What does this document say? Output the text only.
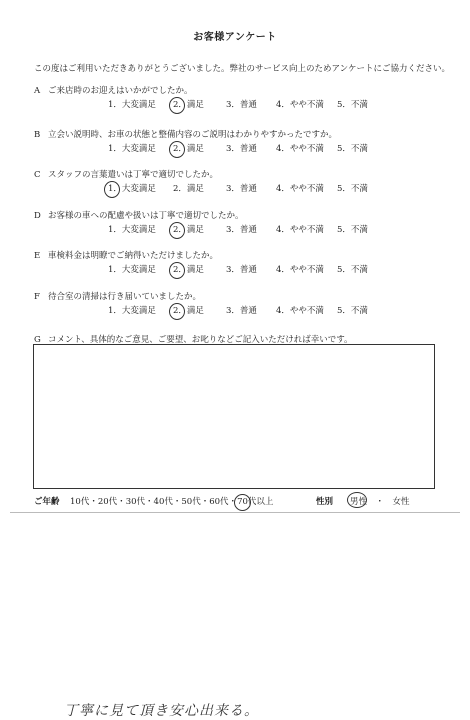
お客様アンケート
この度はご利用いただきありがとうございました。弊社のサービス向上のためアンケートにご協力ください。
A ご来店時のお迎えはいかがでしたか。
1．大変満足 2．満足	3．普通 4．やや不満 5．不満
B 立会い説明時、お車の状態と整備内容のご説明はわかりやすかったですか。
1．大変満足 2．満足	3．普通 4．やや不満 5．不満
C スタッフの言葉遣いは丁寧で適切でしたか。
1．大変満足 2．満足	3．普通 4．やや不満 5．不満
D お客様の車への配慮や扱いは丁寧で適切でしたか。
1．大変満足 2．満足	3．普通 4．やや不満 5．不満
E 車検料金は明瞭でご納得いただけましたか。
1．大変満足 2．満足	3．普通 4．やや不満 5．不満
F 待合室の清掃は行き届いていましたか。
1．大変満足 2．満足	3．普通 4．やや不満 5．不満
G コメント、具体的なご意見、ご要望、お叱りなどご記入いただければ幸いです。
丁寧に見て頂き安心出来る。
ご年齢 10代・20代・30代・40代・50代・60代・70代以上	性別 男性　・　女性
